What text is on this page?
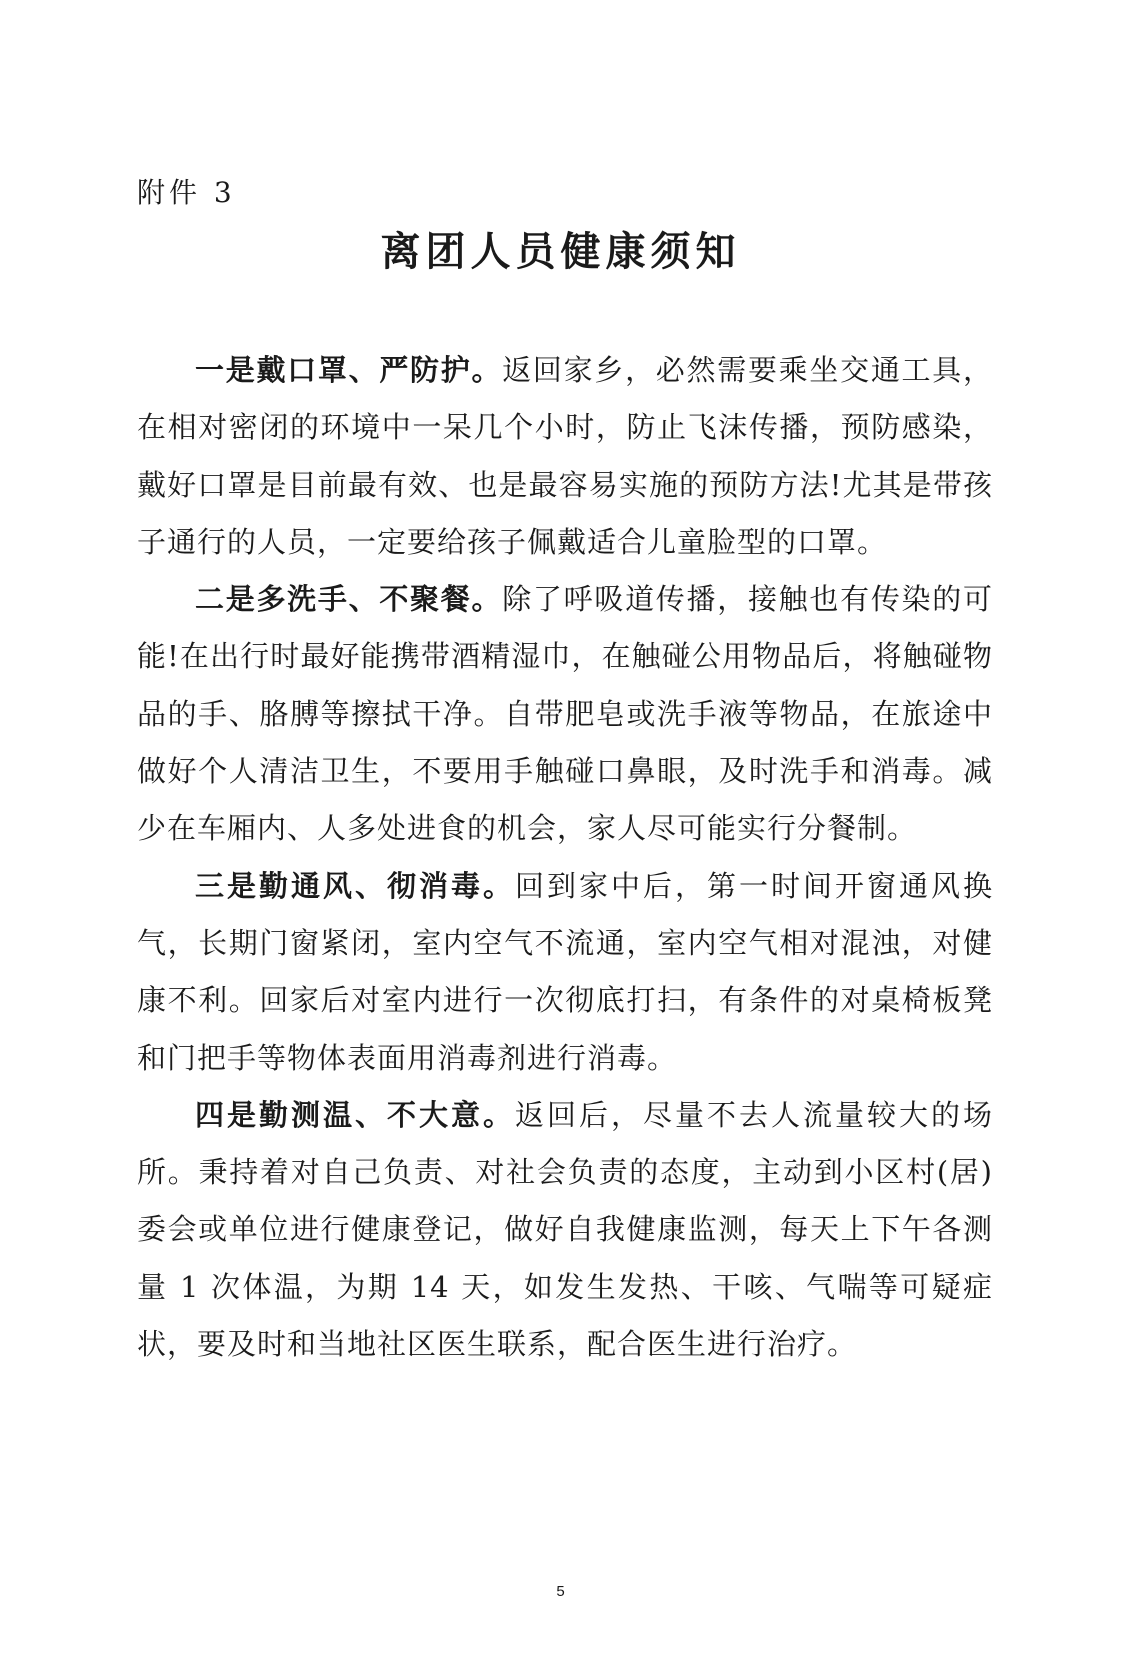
附件 3
离团人员健康须知

一是戴口罩、严防护。返回家乡，必然需要乘坐交通工具，在相对密闭的环境中一呆几个小时，防止飞沫传播，预防感染，戴好口罩是目前最有效、也是最容易实施的预防方法!尤其是带孩子通行的人员，一定要给孩子佩戴适合儿童脸型的口罩。

二是多洗手、不聚餐。除了呼吸道传播，接触也有传染的可能!在出行时最好能携带酒精湿巾，在触碰公用物品后，将触碰物品的手、胳膊等擦拭干净。自带肥皂或洗手液等物品，在旅途中做好个人清洁卫生，不要用手触碰口鼻眼，及时洗手和消毒。减少在车厢内、人多处进食的机会，家人尽可能实行分餐制。

三是勤通风、彻消毒。回到家中后，第一时间开窗通风换气，长期门窗紧闭，室内空气不流通，室内空气相对混浊，对健康不利。回家后对室内进行一次彻底打扫，有条件的对桌椅板凳和门把手等物体表面用消毒剂进行消毒。

四是勤测温、不大意。返回后，尽量不去人流量较大的场所。秉持着对自己负责、对社会负责的态度，主动到小区村(居)委会或单位进行健康登记，做好自我健康监测，每天上下午各测量 1 次体温，为期 14 天，如发生发热、干咳、气喘等可疑症状，要及时和当地社区医生联系，配合医生进行治疗。

5
